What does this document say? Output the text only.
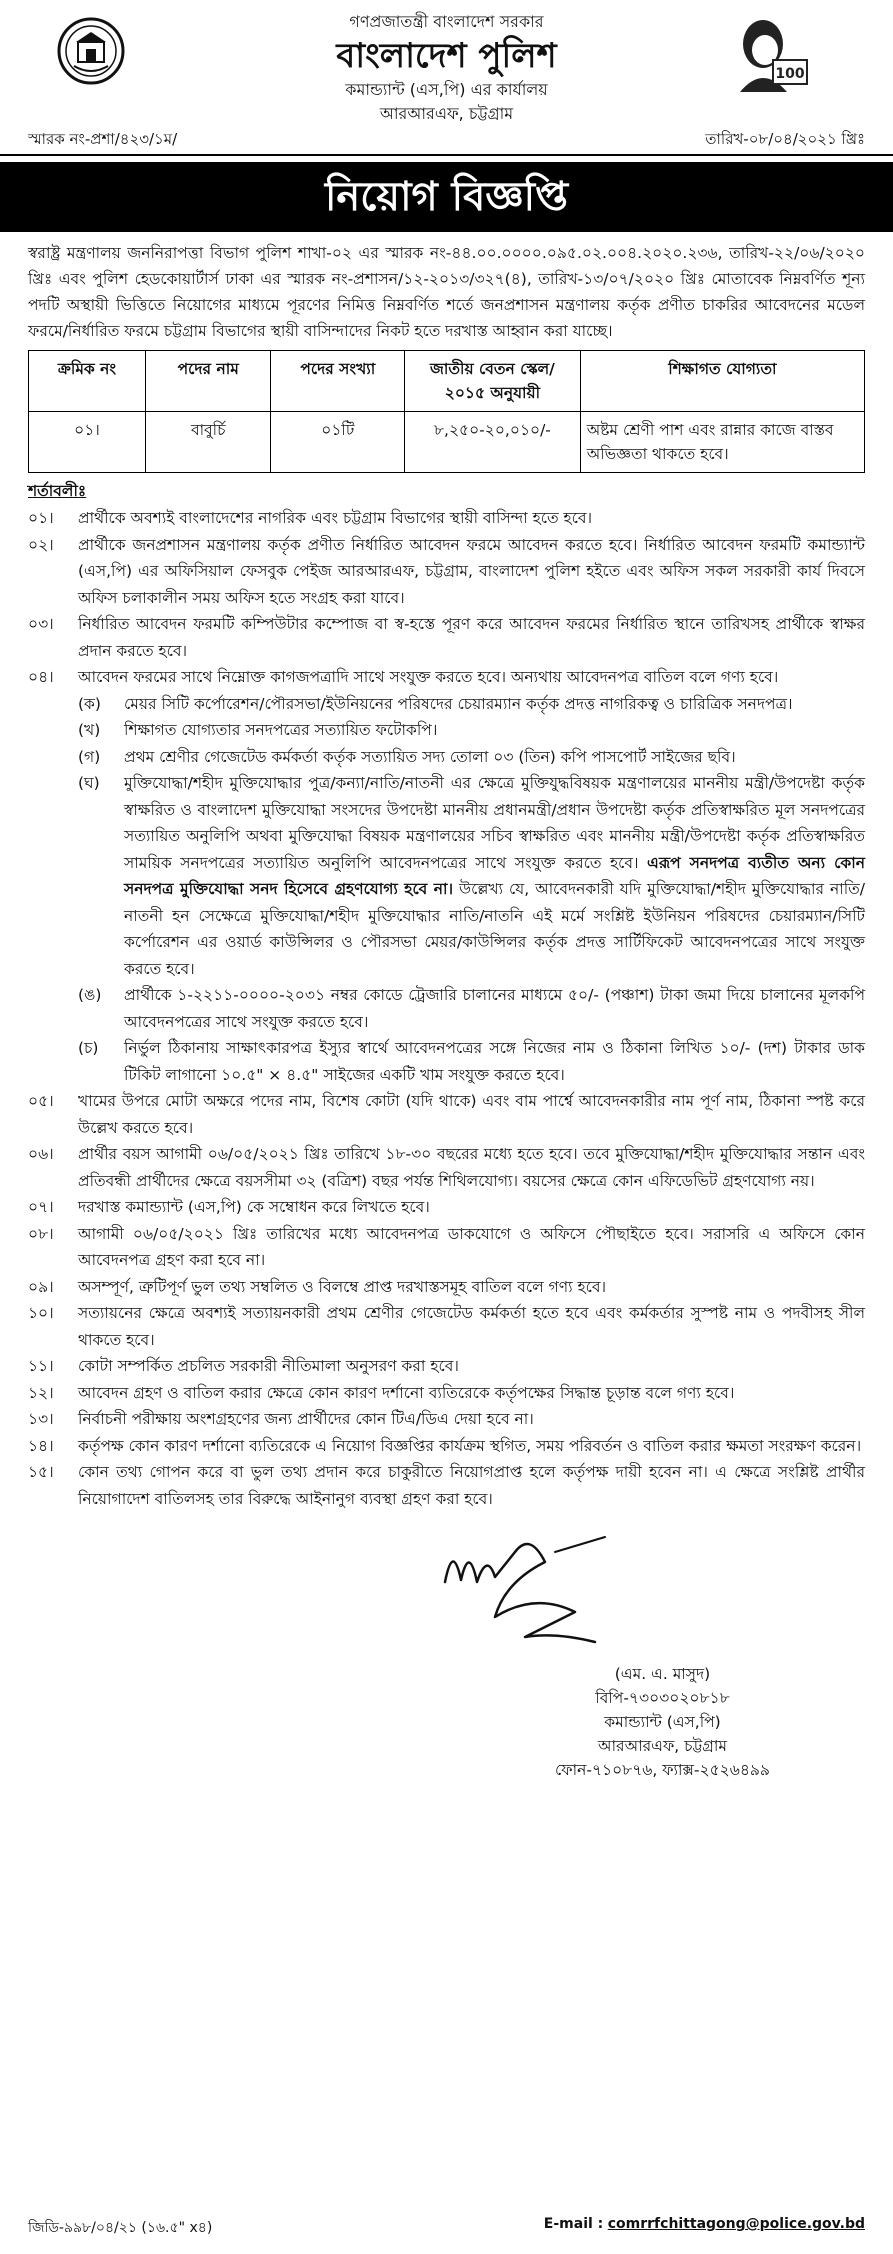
গণপ্রজাতন্ত্রী বাংলাদেশ সরকার
বাংলাদেশ পুলিশ
কমান্ড্যান্ট (এস,পি) এর কার্যালয়
আরআরএফ, চট্টগ্রাম
100
স্মারক নং-প্রশা/৪২৩/১ম/	তারিখ-০৮/০৪/২০২১ খ্রিঃ
নিয়োগ বিজ্ঞপ্তি
স্বরাষ্ট্র মন্ত্রণালয় জননিরাপত্তা বিভাগ পুলিশ শাখা-০২ এর স্মারক নং-৪৪.০০.০০০০.০৯৫.০২.০০৪.২০২০.২৩৬, তারিখ-২২/০৬/২০২০ খ্রিঃ এবং পুলিশ হেডকোয়ার্টার্স ঢাকা এর স্মারক নং-প্রশাসন/১২-২০১৩/৩২৭(৪), তারিখ-১৩/০৭/২০২০ খ্রিঃ মোতাবেক নিম্নবর্ণিত শূন্য পদটি অস্থায়ী ভিত্তিতে নিয়োগের মাধ্যমে পূরণের নিমিত্ত নিম্নবর্ণিত শর্তে জনপ্রশাসন মন্ত্রণালয় কর্তৃক প্রণীত চাকরির আবেদনের মডেল ফরমে/নির্ধারিত ফরমে চট্টগ্রাম বিভাগের স্থায়ী বাসিন্দাদের নিকট হতে দরখাস্ত আহ্বান করা যাচ্ছে।
ক্রমিক নং	পদের নাম	পদের সংখ্যা	জাতীয় বেতন স্কেল/২০১৫ অনুযায়ী	শিক্ষাগত যোগ্যতা
০১।	বাবুর্চি	০১টি	৮,২৫০-২০,০১০/-	অষ্টম শ্রেণী পাশ এবং রান্নার কাজে বাস্তব অভিজ্ঞতা থাকতে হবে।
শর্তাবলীঃ
০১।	প্রার্থীকে অবশ্যই বাংলাদেশের নাগরিক এবং চট্টগ্রাম বিভাগের স্থায়ী বাসিন্দা হতে হবে।
০২।	প্রার্থীকে জনপ্রশাসন মন্ত্রণালয় কর্তৃক প্রণীত নির্ধারিত আবেদন ফরমে আবেদন করতে হবে। নির্ধারিত আবেদন ফরমটি কমান্ড্যান্ট (এস,পি) এর অফিসিয়াল ফেসবুক পেইজ আরআরএফ, চট্টগ্রাম, বাংলাদেশ পুলিশ হইতে এবং অফিস সকল সরকারী কার্য দিবসে অফিস চলাকালীন সময় অফিস হতে সংগ্রহ করা যাবে।
০৩।	নির্ধারিত আবেদন ফরমটি কম্পিউটার কম্পোজ বা স্ব-হস্তে পূরণ করে আবেদন ফরমের নির্ধারিত স্থানে তারিখসহ প্রার্থীকে স্বাক্ষর প্রদান করতে হবে।
০৪।	আবেদন ফরমের সাথে নিম্নোক্ত কাগজপত্রাদি সাথে সংযুক্ত করতে হবে। অন্যথায় আবেদনপত্র বাতিল বলে গণ্য হবে।
(ক)	মেয়র সিটি কর্পোরেশন/পৌরসভা/ইউনিয়নের পরিষদের চেয়ারম্যান কর্তৃক প্রদত্ত নাগরিকত্ব ও চারিত্রিক সনদপত্র।
(খ)	শিক্ষাগত যোগ্যতার সনদপত্রের সত্যায়িত ফটোকপি।
(গ)	প্রথম শ্রেণীর গেজেটেড কর্মকর্তা কর্তৃক সত্যায়িত সদ্য তোলা ০৩ (তিন) কপি পাসপোর্ট সাইজের ছবি।
(ঘ)	মুক্তিযোদ্ধা/শহীদ মুক্তিযোদ্ধার পুত্র/কন্যা/নাতি/নাতনী এর ক্ষেত্রে মুক্তিযুদ্ধবিষয়ক মন্ত্রণালয়ের মাননীয় মন্ত্রী/উপদেষ্টা কর্তৃক স্বাক্ষরিত ও বাংলাদেশ মুক্তিযোদ্ধা সংসদের উপদেষ্টা মাননীয় প্রধানমন্ত্রী/প্রধান উপদেষ্টা কর্তৃক প্রতিস্বাক্ষরিত মূল সনদপত্রের সত্যায়িত অনুলিপি অথবা মুক্তিযোদ্ধা বিষয়ক মন্ত্রণালয়ের সচিব স্বাক্ষরিত এবং মাননীয় মন্ত্রী/উপদেষ্টা কর্তৃক প্রতিস্বাক্ষরিত সাময়িক সনদপত্রের সত্যায়িত অনুলিপি আবেদনপত্রের সাথে সংযুক্ত করতে হবে। এরূপ সনদপত্র ব্যতীত অন্য কোন সনদপত্র মুক্তিযোদ্ধা সনদ হিসেবে গ্রহণযোগ্য হবে না। উল্লেখ্য যে, আবেদনকারী যদি মুক্তিযোদ্ধা/শহীদ মুক্তিযোদ্ধার নাতি/নাতনী হন সেক্ষেত্রে মুক্তিযোদ্ধা/শহীদ মুক্তিযোদ্ধার নাতি/নাতনি এই মর্মে সংশ্লিষ্ট ইউনিয়ন পরিষদের চেয়ারম্যান/সিটি কর্পোরেশন এর ওয়ার্ড কাউন্সিলর ও পৌরসভা মেয়র/কাউন্সিলর কর্তৃক প্রদত্ত সার্টিফিকেট আবেদনপত্রের সাথে সংযুক্ত করতে হবে।
(ঙ)	প্রার্থীকে ১-২২১১-০০০০-২০৩১ নম্বর কোডে ট্রেজারি চালানের মাধ্যমে ৫০/- (পঞ্চাশ) টাকা জমা দিয়ে চালানের মূলকপি আবেদনপত্রের সাথে সংযুক্ত করতে হবে।
(চ)	নির্ভুল ঠিকানায় সাক্ষাৎকারপত্র ইস্যুর স্বার্থে আবেদনপত্রের সঙ্গে নিজের নাম ও ঠিকানা লিখিত ১০/- (দশ) টাকার ডাক টিকিট লাগানো ১০.৫" × ৪.৫" সাইজের একটি খাম সংযুক্ত করতে হবে।
০৫।	খামের উপরে মোটা অক্ষরে পদের নাম, বিশেষ কোটা (যদি থাকে) এবং বাম পার্শ্বে আবেদনকারীর নাম পূর্ণ নাম, ঠিকানা স্পষ্ট করে উল্লেখ করতে হবে।
০৬।	প্রার্থীর বয়স আগামী ০৬/০৫/২০২১ খ্রিঃ তারিখে ১৮-৩০ বছরের মধ্যে হতে হবে। তবে মুক্তিযোদ্ধা/শহীদ মুক্তিযোদ্ধার সন্তান এবং প্রতিবন্ধী প্রার্থীদের ক্ষেত্রে বয়সসীমা ৩২ (বত্রিশ) বছর পর্যন্ত শিথিলযোগ্য। বয়সের ক্ষেত্রে কোন এফিডেভিট গ্রহণযোগ্য নয়।
০৭।	দরখাস্ত কমান্ড্যান্ট (এস,পি) কে সম্বোধন করে লিখতে হবে।
০৮।	আগামী ০৬/০৫/২০২১ খ্রিঃ তারিখের মধ্যে আবেদনপত্র ডাকযোগে ও অফিসে পৌছাইতে হবে। সরাসরি এ অফিসে কোন আবেদনপত্র গ্রহণ করা হবে না।
০৯।	অসম্পূর্ণ, ত্রুটিপূর্ণ ভুল তথ্য সম্বলিত ও বিলম্বে প্রাপ্ত দরখাস্তসমূহ বাতিল বলে গণ্য হবে।
১০।	সত্যায়নের ক্ষেত্রে অবশ্যই সত্যায়নকারী প্রথম শ্রেণীর গেজেটেড কর্মকর্তা হতে হবে এবং কর্মকর্তার সুস্পষ্ট নাম ও পদবীসহ সীল থাকতে হবে।
১১।	কোটা সম্পর্কিত প্রচলিত সরকারী নীতিমালা অনুসরণ করা হবে।
১২।	আবেদন গ্রহণ ও বাতিল করার ক্ষেত্রে কোন কারণ দর্শানো ব্যতিরেকে কর্তৃপক্ষের সিদ্ধান্ত চূড়ান্ত বলে গণ্য হবে।
১৩।	নির্বাচনী পরীক্ষায় অংশগ্রহণের জন্য প্রার্থীদের কোন টিএ/ডিএ দেয়া হবে না।
১৪।	কর্তৃপক্ষ কোন কারণ দর্শানো ব্যতিরেকে এ নিয়োগ বিজ্ঞপ্তির কার্যক্রম স্থগিত, সময় পরিবর্তন ও বাতিল করার ক্ষমতা সংরক্ষণ করেন।
১৫।	কোন তথ্য গোপন করে বা ভুল তথ্য প্রদান করে চাকুরীতে নিয়োগপ্রাপ্ত হলে কর্তৃপক্ষ দায়ী হবেন না। এ ক্ষেত্রে সংশ্লিষ্ট প্রার্থীর নিয়োগাদেশ বাতিলসহ তার বিরুদ্ধে আইনানুগ ব্যবস্থা গ্রহণ করা হবে।
(এম. এ. মাসুদ)
বিপি-৭৩০৩০২০৮১৮
কমান্ড্যান্ট (এস,পি)
আরআরএফ, চট্টগ্রাম
ফোন-৭১০৮৭৬, ফ্যাক্স-২৫২৬৪৯৯
জিডি-৯৯৮/০৪/২১ (১৬.৫" x৪)	E-mail : comrrfchittagong@police.gov.bd
